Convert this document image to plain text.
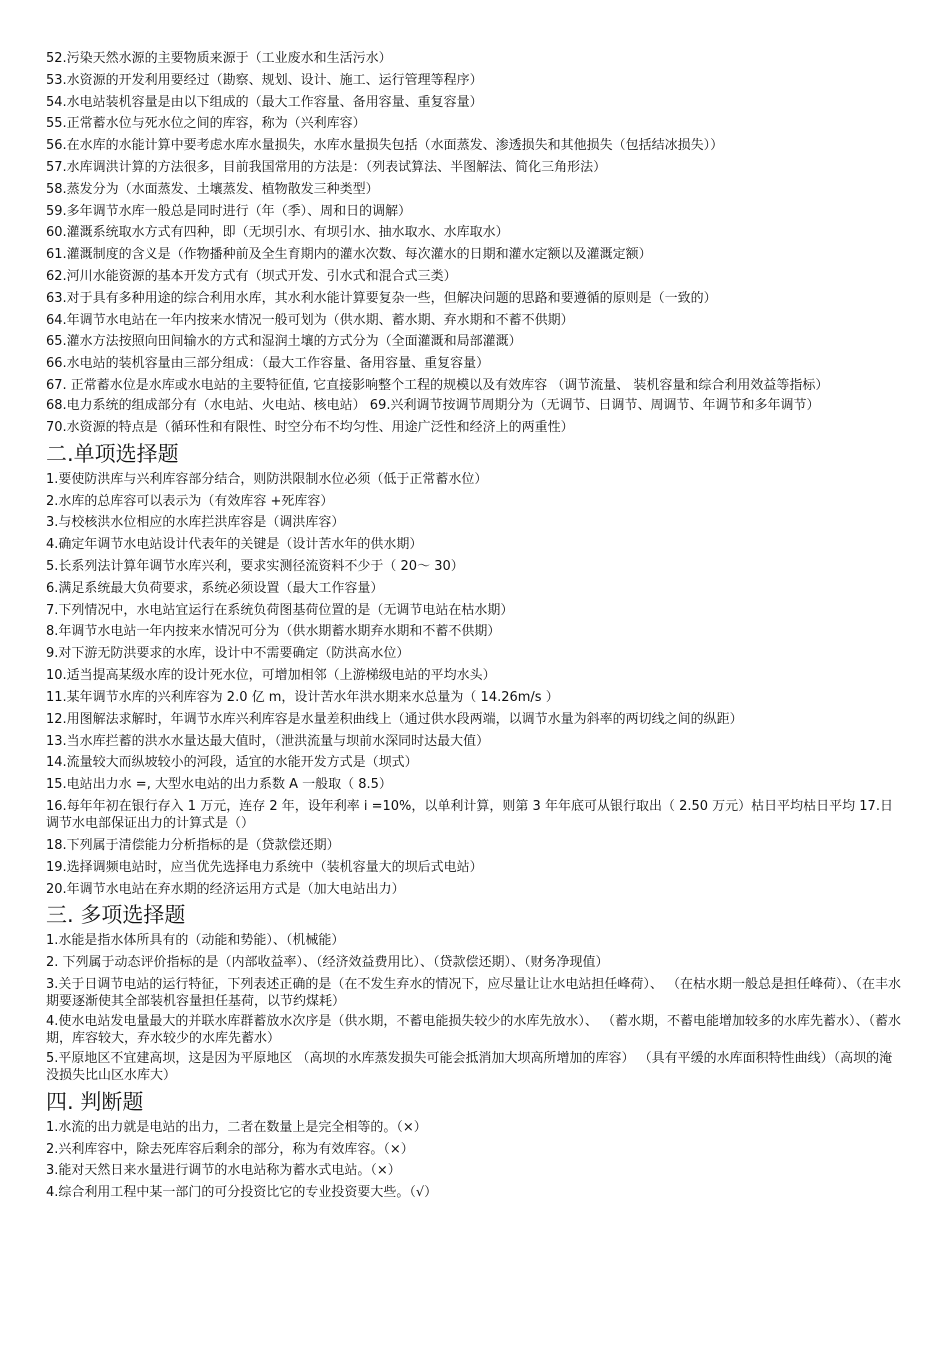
52.污染天然水源的主要物质来源于（工业废水和生活污水）
53.水资源的开发利用要经过（勘察、规划、设计、施工、运行管理等程序）
54.水电站装机容量是由以下组成的（最大工作容量、备用容量、重复容量）
55.正常蓄水位与死水位之间的库容，称为（兴利库容）
56.在水库的水能计算中要考虑水库水量损失，水库水量损失包括（水面蒸发、渗透损失和其他损失（包括结冰损失））
57.水库调洪计算的方法很多，目前我国常用的方法是：（列表试算法、半图解法、简化三角形法）
58.蒸发分为（水面蒸发、土壤蒸发、植物散发三种类型）
59.多年调节水库一般总是同时进行（年（季）、周和日的调解）
60.灌溉系统取水方式有四种，即（无坝引水、有坝引水、抽水取水、水库取水）
61.灌溉制度的含义是（作物播种前及全生育期内的灌水次数、每次灌水的日期和灌水定额以及灌溉定额）
62.河川水能资源的基本开发方式有（坝式开发、引水式和混合式三类）
63.对于具有多种用途的综合利用水库，其水利水能计算要复杂一些，但解决问题的思路和要遵循的原则是（一致的）
64.年调节水电站在一年内按来水情况一般可划为（供水期、蓄水期、弃水期和不蓄不供期）
65.灌水方法按照向田间输水的方式和湿润土壤的方式分为（全面灌溉和局部灌溉）
66.水电站的装机容量由三部分组成：（最大工作容量、备用容量、重复容量）
67. 正常蓄水位是水库或水电站的主要特征值, 它直接影响整个工程的规模以及有效库容 （调节流量、 装机容量和综合利用效益等指标）
68.电力系统的组成部分有（水电站、火电站、核电站） 69.兴利调节按调节周期分为（无调节、日调节、周调节、年调节和多年调节）
70.水资源的特点是（循环性和有限性、时空分布不均匀性、用途广泛性和经济上的两重性）
二.单项选择题
1.要使防洪库与兴利库容部分结合，则防洪限制水位必须（低于正常蓄水位）
2.水库的总库容可以表示为（有效库容 +死库容）
3.与校核洪水位相应的水库拦洪库容是（调洪库容）
4.确定年调节水电站设计代表年的关键是（设计苦水年的供水期）
5.长系列法计算年调节水库兴利，要求实测径流资料不少于（ 20～ 30）
6.满足系统最大负荷要求，系统必须设置（最大工作容量）
7.下列情况中，水电站宜运行在系统负荷图基荷位置的是（无调节电站在枯水期）
8.年调节水电站一年内按来水情况可分为（供水期蓄水期弃水期和不蓄不供期）
9.对下游无防洪要求的水库，设计中不需要确定（防洪高水位）
10.适当提高某级水库的设计死水位，可增加相邻（上游梯级电站的平均水头）
11.某年调节水库的兴利库容为 2.0 亿 m，设计苦水年洪水期来水总量为（ 14.26m/s ）
12.用图解法求解时，年调节水库兴利库容是水量差积曲线上（通过供水段两端，以调节水量为斜率的两切线之间的纵距）
13.当水库拦蓄的洪水水量达最大值时，（泄洪流量与坝前水深同时达最大值）
14.流量较大而纵坡较小的河段，适宜的水能开发方式是（坝式）
15.电站出力水 =, 大型水电站的出力系数 A 一般取（ 8.5）
16.每年年初在银行存入 1 万元，连存 2 年，设年利率 i =10%，以单利计算，则第 3 年年底可从银行取出（ 2.50 万元）枯日平均枯日平均 17.日调节水电部保证出力的计算式是（）
18.下列属于清偿能力分析指标的是（贷款偿还期）
19.选择调频电站时，应当优先选择电力系统中（装机容量大的坝后式电站）
20.年调节水电站在弃水期的经济运用方式是（加大电站出力）
三. 多项选择题
1.水能是指水体所具有的（动能和势能）、（机械能）
2. 下列属于动态评价指标的是（内部收益率）、（经济效益费用比）、（贷款偿还期）、（财务净现值）
3.关于日调节电站的运行特征，下列表述正确的是（在不发生弃水的情况下，应尽量让让水电站担任峰荷）、 （在枯水期一般总是担任峰荷）、（在丰水期要逐渐使其全部装机容量担任基荷，以节约煤耗）
4.使水电站发电量最大的并联水库群蓄放水次序是（供水期，不蓄电能损失较少的水库先放水）、 （蓄水期，不蓄电能增加较多的水库先蓄水）、（蓄水期，库容较大，弃水较少的水库先蓄水）
5.平原地区不宜建高坝，这是因为平原地区 （高坝的水库蒸发损失可能会抵消加大坝高所增加的库容） （具有平缓的水库面积特性曲线）（高坝的淹没损失比山区水库大）
四. 判断题
1.水流的出力就是电站的出力，二者在数量上是完全相等的。（×）
2.兴利库容中，除去死库容后剩余的部分，称为有效库容。（×）
3.能对天然日来水量进行调节的水电站称为蓄水式电站。（×）
4.综合利用工程中某一部门的可分投资比它的专业投资要大些。（√）
